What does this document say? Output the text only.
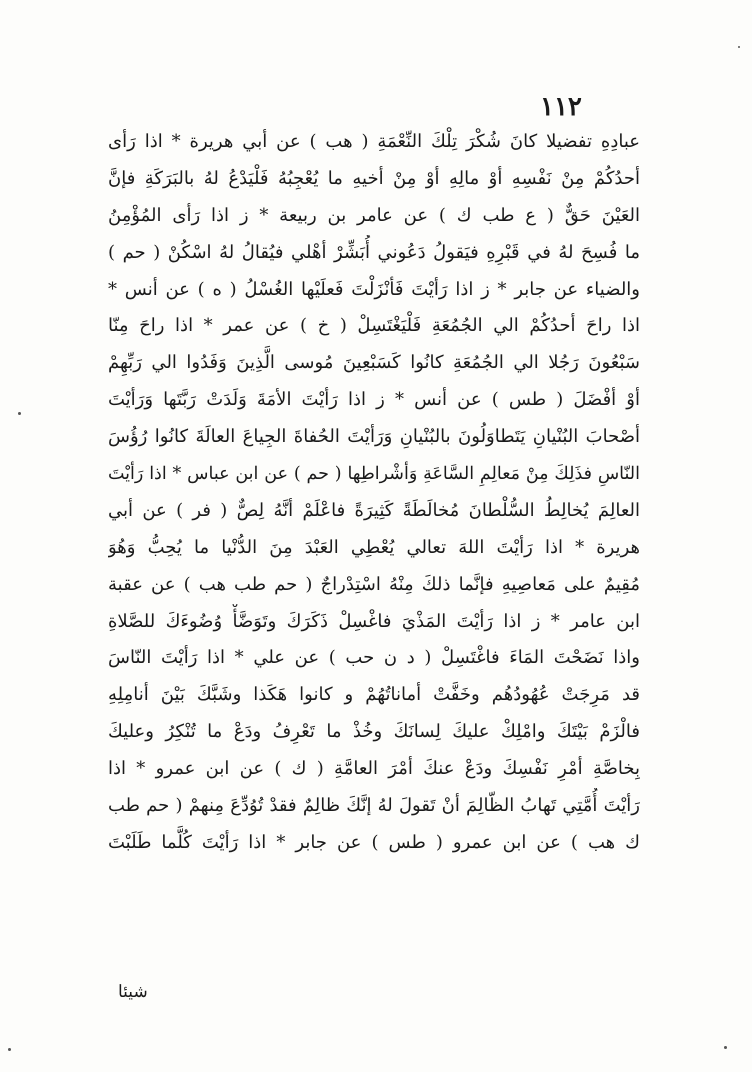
١١٢
عبادِهِ تفضيلا كانَ شُكْرَ تِلْكَ النِّعْمَةِ ( هب ) عن أبي هريرة * اذا رَأى
أحدُكُمْ مِنْ نَفْسِهِ أوْ مالِهِ أوْ مِنْ أخيهِ ما يُعْجِبُهُ فَلْيَدْعُ لهُ بالبَرَكَةِ فإنَّ
العَيْنَ حَقٌّ ( ع طب ك ) عن عامر بن ربيعة * ز اذا رَأى المُؤْمِنُ
ما فُسِحَ لهُ في قَبْرِهِ فيَقولُ دَعُوني أُبَشِّرْ أهْلي فيُقالُ لهُ اسْكُنْ ( حم )
والضياء عن جابر * ز اذا رَأيْتَ فَأنْزَلْتَ فَعلَيْها الغُسْلُ ( ه ) عن أنس *
اذا راحَ أحدُكُمْ الي الجُمُعَةِ فَلْيَغْتَسِلْ ( خ ) عن عمر * اذا راحَ مِنّا
سَبْعُونَ رَجُلا الي الجُمُعَةِ كانُوا كَسَبْعِينَ مُوسى الَّذِينَ وَفَدُوا الي رَبِّهِمْ
أوْ أفْضَلَ ( طس ) عن أنس * ز اذا رَأيْتَ الأمَةَ وَلَدَتْ رَبَّتَها وَرَأيْتَ
أصْحابَ البُنْيانِ يَتَطاوَلُونَ بالبُنْيانِ وَرَأيْتَ الحُفاةَ الجِياعَ العالَةَ كانُوا رُؤُسَ
النّاسِ فذَلِكَ مِنْ مَعالِمِ السَّاعَةِ وَأشْراطِها ( حم ) عن ابن عباس * اذا رَأيْتَ
العالِمَ يُخالِطُ السُّلْطانَ مُخالَطَةً كَثِيرَةً فاعْلَمْ أنَّهُ لِصٌّ ( فر ) عن أبي
هريرة * اذا رَأيْتَ اللهَ تعالي يُعْطِي العَبْدَ مِنَ الدُّنْيا ما يُحِبُّ وَهُوَ
مُقِيمٌ على مَعاصِيهِ فإنَّما ذلكَ مِنْهُ اسْتِدْراجٌ ( حم طب هب ) عن عقبة
ابن عامر * ز اذا رَأيْتَ المَذْيَ فاغْسِلْ ذَكَرَكَ وتَوَضَّأْ وُضُوءَكَ للصَّلاةِ
واذا نَضَحْتَ المَاءَ فاغْتَسِلْ ( د ن حب ) عن علي * اذا رَأيْتَ النّاسَ
قد مَرِجَتْ عُهُودُهُم وخَفَّتْ أماناتُهُمْ و كانوا هَكَذا وشَبَّكَ بَيْنَ أنامِلِهِ
فالْزَمْ بَيْتَكَ وامْلِكْ عليكَ لِسانَكَ وخُذْ ما تَعْرِفُ ودَعْ ما تُنْكِرُ وعليكَ
بِخاصَّةِ أمْرِ نَفْسِكَ ودَعْ عنكَ أمْرَ العامَّةِ ( ك ) عن ابن عمرو * اذا
رَأيْتَ أُمَّتِي تَهابُ الظّالِمَ أنْ تَقولَ لهُ إنَّكَ ظالِمٌ فقدْ تُوُدِّعَ مِنهمْ ( حم طب
ك هب ) عن ابن عمرو ( طس ) عن جابر * اذا رَأيْتَ كُلَّما طَلَبْتَ
شيئا
